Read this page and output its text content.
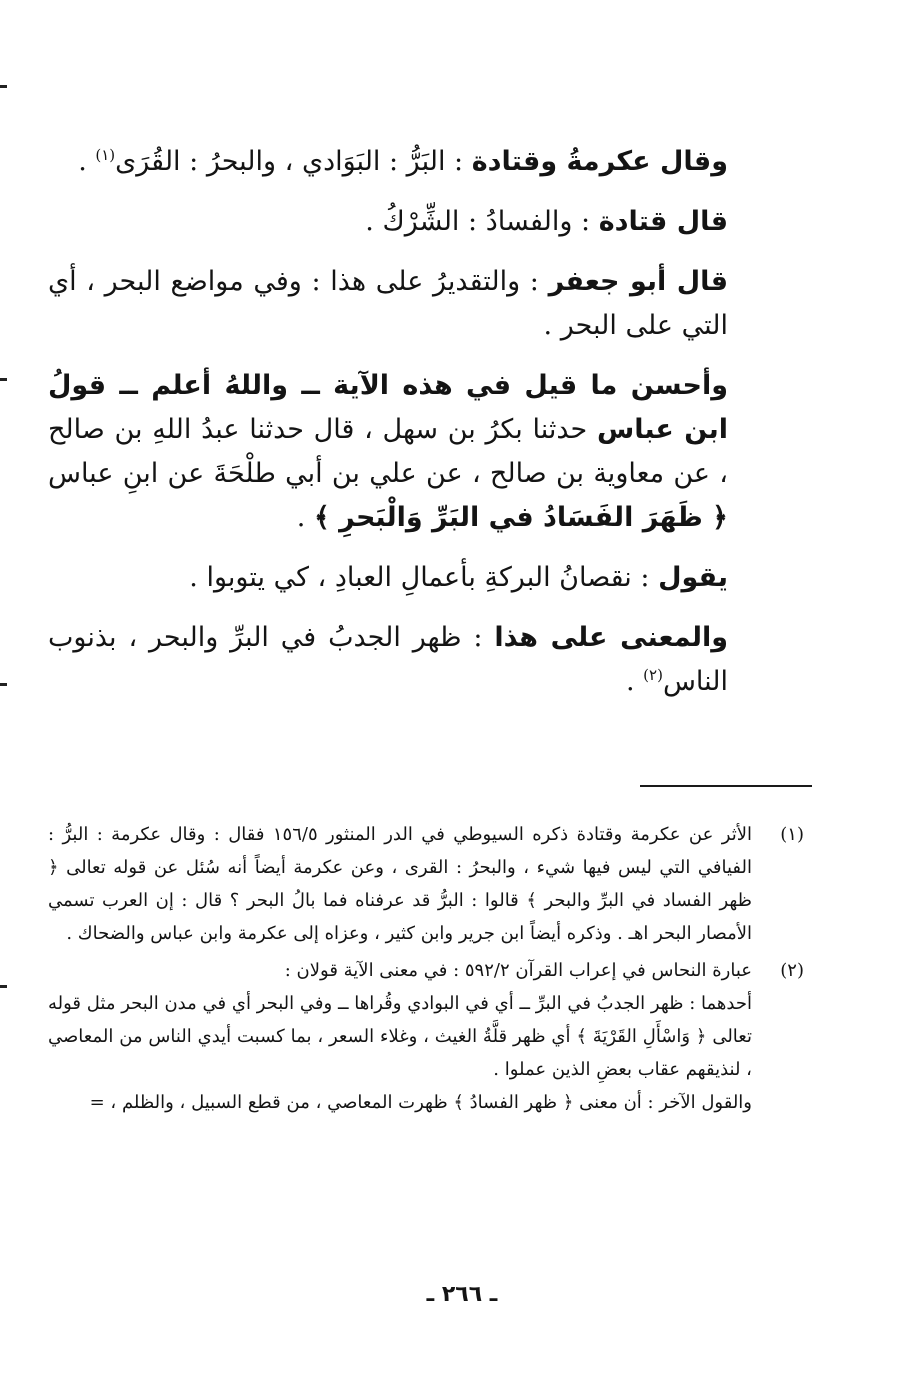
وقال عكرمةُ وقتادة : البَرُّ : البَوَادي ، والبحرُ : القُرَى$^{(١)}$ .

قال قتادة : والفسادُ : الشِّرْكُ .

قال أبو جعفر : والتقديرُ على هذا : وفي مواضع البحر ، أي التي على البحر .

وأحسن ما قيل في هذه الآية ــ واللهُ أعلم ــ قولُ ابن عباس حدثنا بكرُ بن سهل ، قال حدثنا عبدُ اللهِ بن صالح ، عن معاوية بن صالح ، عن علي بن أبي طلْحَةَ عن ابنِ عباس ﴿ ظَهَرَ الفَسَادُ في البَرِّ وَالْبَحرِ ﴾ .

يقول : نقصانُ البركةِ بأعمالِ العبادِ ، كي يتوبوا .

والمعنى على هذا : ظهر الجدبُ في البرِّ والبحر ، بذنوب الناس$^{(٢)}$ .

(١)

الأثر عن عكرمة وقتادة ذكره السيوطي في الدر المنثور ١٥٦/٥ فقال : وقال عكرمة : البرُّ : الفيافي التي ليس فيها شيء ، والبحرُ : القرى ، وعن عكرمة أيضاً أنه سُئل عن قوله تعالى ﴿ ظهر الفساد في البرِّ والبحر ﴾ قالوا : البرُّ قد عرفناه فما بالُ البحر ؟ قال : إن العرب تسمي الأمصار البحر اهـ . وذكره أيضاً ابن جرير وابن كثير ، وعزاه إلى عكرمة وابن عباس والضحاك .

(٢)

عبارة النحاس في إعراب القرآن ٥٩٢/٢ : في معنى الآية قولان :

أحدهما : ظهر الجدبُ في البرِّ ــ أي في البوادي وقُراها ــ وفي البحر أي في مدن البحر مثل قوله تعالى ﴿ وَاسْأَلِ القَرْيَةَ ﴾ أي ظهر قلَّةُ الغيث ، وغلاء السعر ، بما كسبت أيدي الناس من المعاصي ، لنذيقهم عقاب بعضِ الذين عملوا .

والقول الآخر : أن معنى ﴿ ظهر الفسادُ ﴾ ظهرت المعاصي ، من قطع السبيل ، والظلم ، =

ـ ٢٦٦ ـ
